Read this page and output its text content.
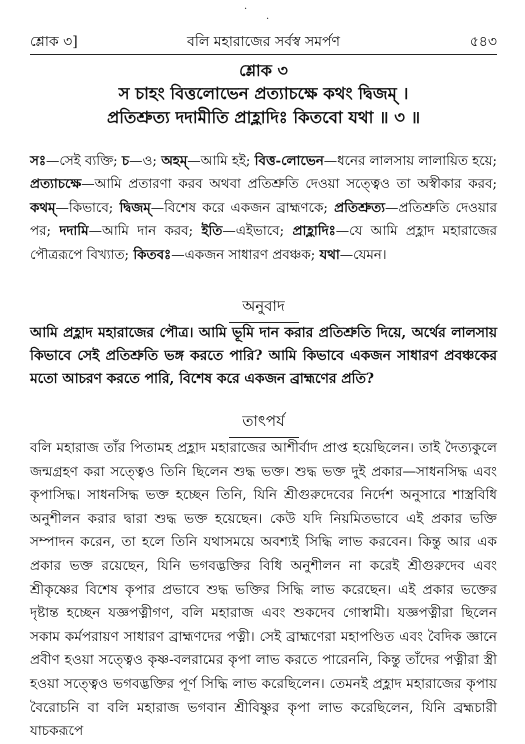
·
·
শ্লোক ৩]	বলি মহারাজের সর্বস্ব সমর্পণ	৫৪৩
শ্লোক ৩
স চাহং বিত্তলোভেন প্রত্যাচক্ষে কথং দ্বিজম্ ।
প্রতিশ্রুত্য দদামীতি প্রাহ্লাদিঃ কিতবো যথা ॥ ৩ ॥
সঃ—সেই ব্যক্তি; চ—ও; অহম্—আমি হই; বিত্ত-লোভেন—ধনের লালসায় লালায়িত হয়ে; প্রত্যাচক্ষে—আমি প্রতারণা করব অথবা প্রতিশ্রুতি দেওয়া সত্ত্বেও তা অস্বীকার করব; কথম্—কিভাবে; দ্বিজম্—বিশেষ করে একজন ব্রাহ্মণকে; প্রতিশ্রুত্য—প্রতিশ্রুতি দেওয়ার পর; দদামি—আমি দান করব; ইতি—এইভাবে; প্রাহ্লাদিঃ—যে আমি প্রহ্লাদ মহারাজের পৌত্ররূপে বিখ্যাত; কিতবঃ—একজন সাধারণ প্রবঞ্চক; যথা—যেমন।
অনুবাদ
আমি প্রহ্লাদ মহারাজের পৌত্র। আমি ভূমি দান করার প্রতিশ্রুতি দিয়ে, অর্থের লালসায় কিভাবে সেই প্রতিশ্রুতি ভঙ্গ করতে পারি? আমি কিভাবে একজন সাধারণ প্রবঞ্চকের মতো আচরণ করতে পারি, বিশেষ করে একজন ব্রাহ্মণের প্রতি?
তাৎপর্য
বলি মহারাজ তাঁর পিতামহ প্রহ্লাদ মহারাজের আশীর্বাদ প্রাপ্ত হয়েছিলেন। তাই দৈত্যকুলে জন্মগ্রহণ করা সত্ত্বেও তিনি ছিলেন শুদ্ধ ভক্ত। শুদ্ধ ভক্ত দুই প্রকার—সাধনসিদ্ধ এবং কৃপাসিদ্ধ। সাধনসিদ্ধ ভক্ত হচ্ছেন তিনি, যিনি শ্রীগুরুদেবের নির্দেশ অনুসারে শাস্ত্রবিধি অনুশীলন করার দ্বারা শুদ্ধ ভক্ত হয়েছেন। কেউ যদি নিয়মিতভাবে এই প্রকার ভক্তি সম্পাদন করেন, তা হলে তিনি যথাসময়ে অবশ্যই সিদ্ধি লাভ করবেন। কিন্তু আর এক প্রকার ভক্ত রয়েছেন, যিনি ভগবদ্ভক্তির বিধি অনুশীলন না করেই শ্রীগুরুদেব এবং শ্রীকৃষ্ণের বিশেষ কৃপার প্রভাবে শুদ্ধ ভক্তির সিদ্ধি লাভ করেছেন। এই প্রকার ভক্তের দৃষ্টান্ত হচ্ছেন যজ্ঞপত্নীগণ, বলি মহারাজ এবং শুকদেব গোস্বামী। যজ্ঞপত্নীরা ছিলেন সকাম কর্মপরায়ণ সাধারণ ব্রাহ্মণদের পত্নী। সেই ব্রাহ্মণেরা মহাপণ্ডিত এবং বৈদিক জ্ঞানে প্রবীণ হওয়া সত্ত্বেও কৃষ্ণ-বলরামের কৃপা লাভ করতে পারেননি, কিন্তু তাঁদের পত্নীরা স্ত্রী হওয়া সত্ত্বেও ভগবদ্ভক্তির পূর্ণ সিদ্ধি লাভ করেছিলেন। তেমনই প্রহ্লাদ মহারাজের কৃপায় বৈরোচনি বা বলি মহারাজ ভগবান শ্রীবিষ্ণুর কৃপা লাভ করেছিলেন, যিনি ব্রহ্মচারী যাচকরূপে
